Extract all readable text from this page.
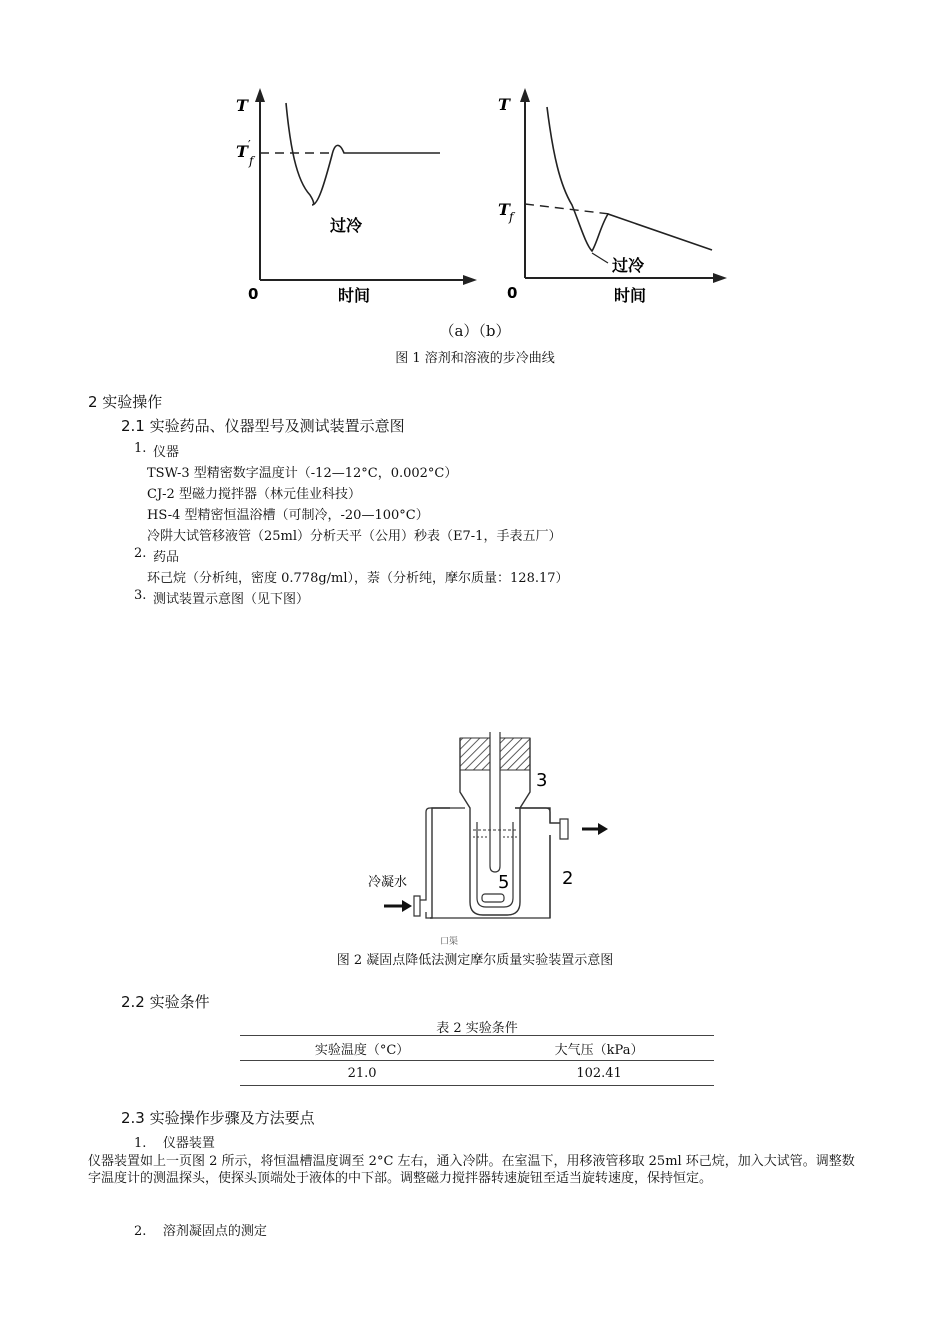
T
T ′
f
过冷
0	时间
T
T f
过冷
0	时间
（a）（b）
图 1 溶剂和溶液的步冷曲线
2 实验操作
2.1 实验药品、仪器型号及测试装置示意图
1. 仪器
TSW-3 型精密数字温度计（-12—12°C，0.002°C）
CJ-2 型磁力搅拌器（林元佳业科技）
HS-4 型精密恒温浴槽（可制冷，-20—100°C）
冷阱大试管移液管（25ml）分析天平（公用）秒表（E7-1，手表五厂）
2. 药品
环己烷（分析纯，密度 0.778g/ml），萘（分析纯，摩尔质量：128.17）
3. 测试装置示意图（见下图）
3
2
5
冷凝水
口渠
图 2 凝固点降低法测定摩尔质量实验装置示意图
2.2 实验条件
表 2 实验条件
实验温度（°C）	大气压（kPa）
21.0	102.41
2.3 实验操作步骤及方法要点
1.    仪器装置
仪器装置如上一页图 2 所示，将恒温槽温度调至 2°C 左右，通入冷阱。在室温下，用移液管移取 25ml 环己烷，加入大试管。调整数字温度计的测温探头，使探头顶端处于液体的中下部。调整磁力搅拌器转速旋钮至适当旋转速度，保持恒定。
2.    溶剂凝固点的测定
